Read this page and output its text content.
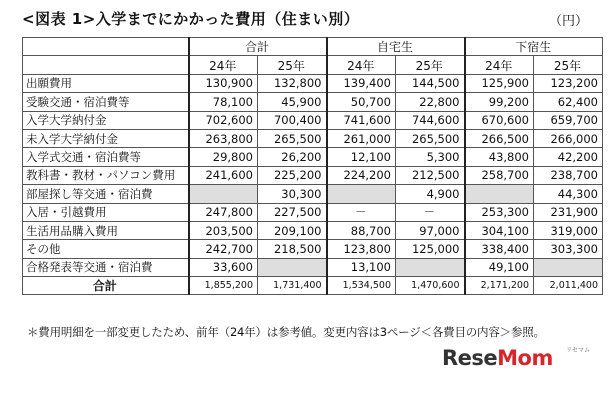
<図表 1>入学までにかかった費用（住まい別）	（円）
	合計		自宅生		下宿生	
	24年	25年	24年	25年	24年	25年
出願費用	130,900	132,800	139,400	144,500	125,900	123,200
受験交通・宿泊費等	78,100	45,900	50,700	22,800	99,200	62,400
入学大学納付金	702,600	700,400	741,600	744,600	670,600	659,700
未入学大学納付金	263,800	265,500	261,000	265,500	266,500	266,000
入学式交通・宿泊費等	29,800	26,200	12,100	5,300	43,800	42,200
教科書・教材・パソコン費用	241,600	225,200	224,200	212,500	258,700	238,700
部屋探し等交通・宿泊費		30,300		4,900		44,300
入居・引越費用	247,800	227,500	－	－	253,300	231,900
生活用品購入費用	203,500	209,100	88,700	97,000	304,100	319,000
その他	242,700	218,500	123,800	125,000	338,400	303,300
合格発表等交通・宿泊費	33,600		13,100		49,100	
合計	1,855,200	1,731,400	1,534,500	1,470,600	2,171,200	2,011,400
＊費用明細を一部変更したため、前年（24年）は参考値。変更内容は3ページ＜各費目の内容＞参照。
ReseMom リセマム
